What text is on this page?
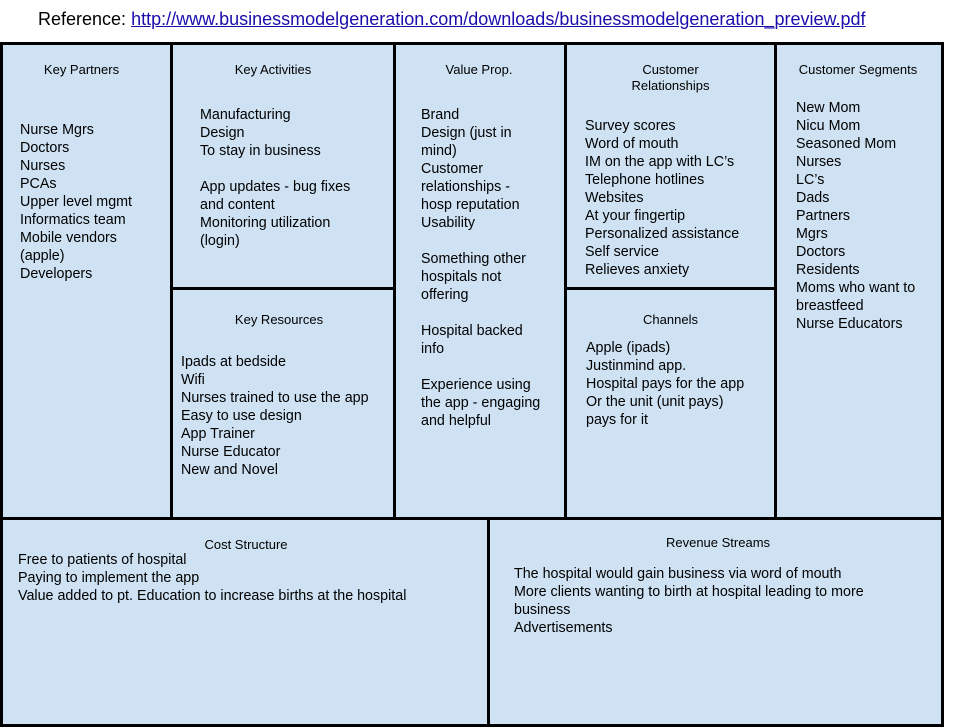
Reference: http://www.businessmodelgeneration.com/downloads/businessmodelgeneration_preview.pdf
Key Partners
Nurse Mgrs
Doctors
Nurses
PCAs
Upper level mgmt
Informatics team
Mobile vendors
(apple)
Developers
Key Activities
Manufacturing
Design
To stay in business
App updates - bug fixes
and content
Monitoring utilization
(login)
Key Resources
Ipads at bedside
Wifi
Nurses trained to use the app
Easy to use design
App Trainer
Nurse Educator
New and Novel
Value Prop.
Brand
Design (just in
mind)
Customer
relationships -
hosp reputation
Usability
Something other
hospitals not
offering
Hospital backed
info
Experience using
the app - engaging
and helpful
Customer
Relationships
Survey scores
Word of mouth
IM on the app with LC’s
Telephone hotlines
Websites
At your fingertip
Personalized assistance
Self service
Relieves anxiety
Channels
Apple (ipads)
Justinmind app.
Hospital pays for the app
Or the unit (unit pays)
pays for it
Customer Segments
New Mom
Nicu Mom
Seasoned Mom
Nurses
LC’s
Dads
Partners
Mgrs
Doctors
Residents
Moms who want to
breastfeed
Nurse Educators
Cost Structure
Free to patients of hospital
Paying to implement the app
Value added to pt. Education to increase births at the hospital
Revenue Streams
The hospital would gain business via word of mouth
More clients wanting to birth at hospital leading to more
business
Advertisements
